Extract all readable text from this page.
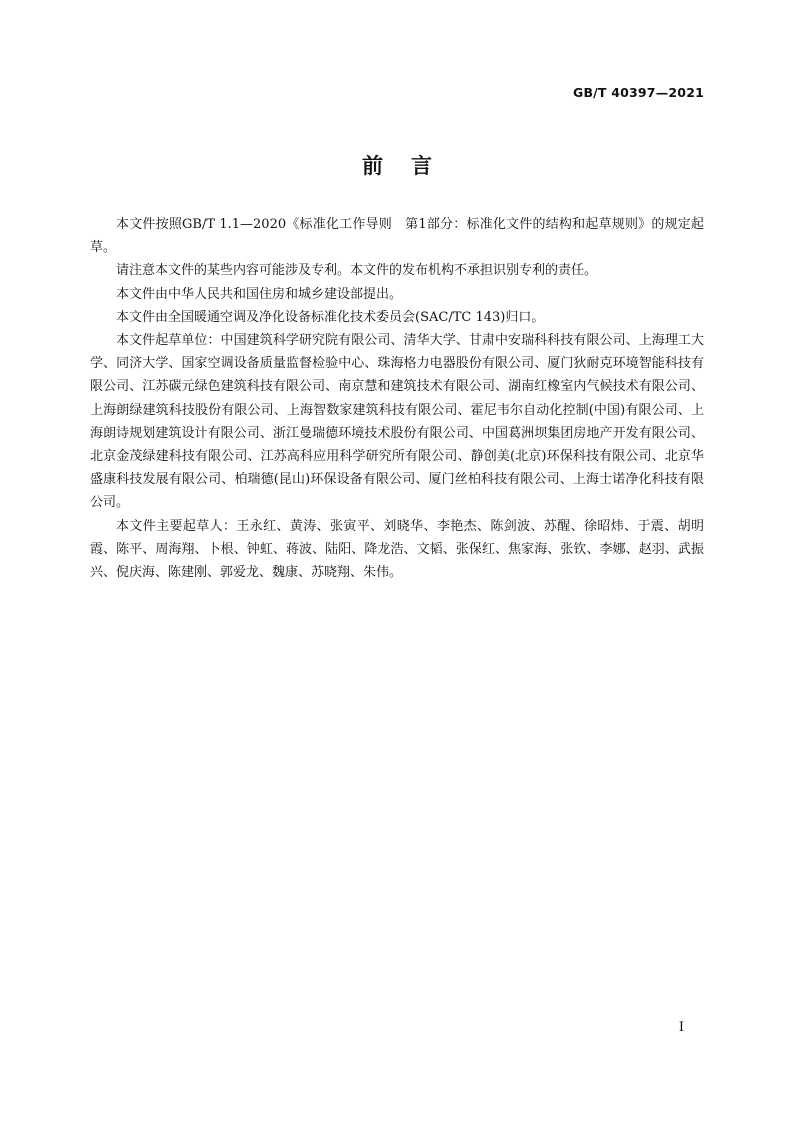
GB/T 40397—2021
前言

本文件按照GB/T 1.1—2020《标准化工作导则　第1部分：标准化文件的结构和起草规则》的规定起草。

请注意本文件的某些内容可能涉及专利。本文件的发布机构不承担识别专利的责任。

本文件由中华人民共和国住房和城乡建设部提出。

本文件由全国暖通空调及净化设备标准化技术委员会(SAC/TC 143)归口。

本文件起草单位：中国建筑科学研究院有限公司、清华大学、甘肃中安瑞科科技有限公司、上海理工大学、同济大学、国家空调设备质量监督检验中心、珠海格力电器股份有限公司、厦门狄耐克环境智能科技有限公司、江苏碳元绿色建筑科技有限公司、南京慧和建筑技术有限公司、湖南红橡室内气候技术有限公司、上海朗绿建筑科技股份有限公司、上海智数家建筑科技有限公司、霍尼韦尔自动化控制(中国)有限公司、上海朗诗规划建筑设计有限公司、浙江曼瑞德环境技术股份有限公司、中国葛洲坝集团房地产开发有限公司、北京金茂绿建科技有限公司、江苏高科应用科学研究所有限公司、静创美(北京)环保科技有限公司、北京华盛康科技发展有限公司、柏瑞德(昆山)环保设备有限公司、厦门丝柏科技有限公司、上海士诺净化科技有限公司。

本文件主要起草人：王永红、黄涛、张寅平、刘晓华、李艳杰、陈剑波、苏醒、徐昭炜、于震、胡明霞、陈平、周海翔、卜根、钟虹、蒋波、陆阳、降龙浩、文韬、张保红、焦家海、张钦、李娜、赵羽、武振兴、倪庆海、陈建刚、郭爱龙、魏康、苏晓翔、朱伟。

I
